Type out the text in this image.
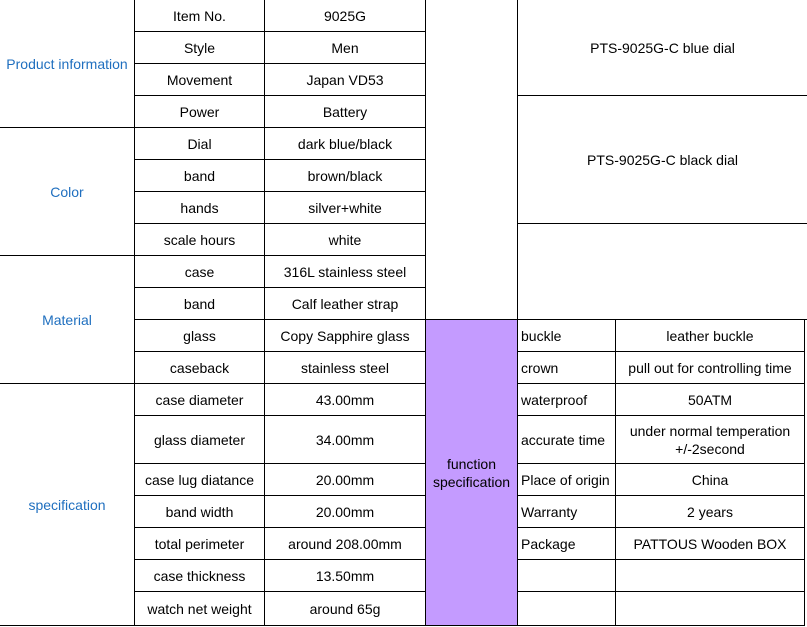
Product information
Color
Material
specification
Item No.
Style
Movement
Power
Dial
band
hands
scale hours
case
band
glass
caseback
case diameter
glass diameter
case lug diatance
band width
total perimeter
case thickness
watch net weight
9025G
Men
Japan VD53
Battery
dark blue/black
brown/black
silver+white
white
316L stainless steel
Calf leather strap
Copy Sapphire glass
stainless steel
43.00mm
34.00mm
20.00mm
20.00mm
around 208.00mm
13.50mm
around 65g
function specification
PTS-9025G-C blue dial
PTS-9025G-C black dial
buckle
crown
waterproof
accurate time
Place of origin
Warranty
Package
leather buckle
pull out for controlling time
50ATM
under normal temperation +/-2second
China
2 years
PATTOUS Wooden BOX
